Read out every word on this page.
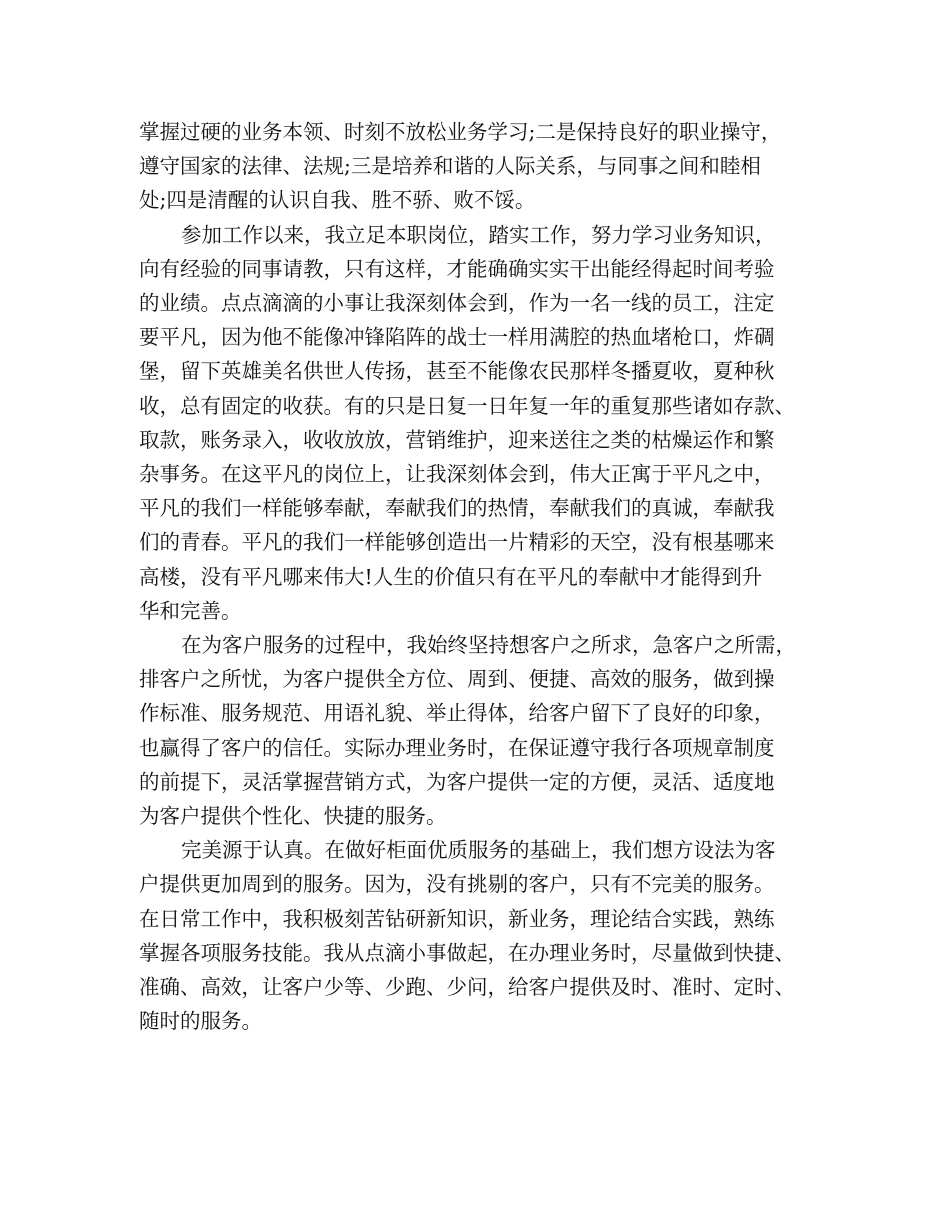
掌握过硬的业务本领、时刻不放松业务学习;二是保持良好的职业操守，
遵守国家的法律、法规;三是培养和谐的人际关系，与同事之间和睦相
处;四是清醒的认识自我、胜不骄、败不馁。
参加工作以来，我立足本职岗位，踏实工作，努力学习业务知识，
向有经验的同事请教，只有这样，才能确确实实干出能经得起时间考验
的业绩。点点滴滴的小事让我深刻体会到，作为一名一线的员工，注定
要平凡，因为他不能像冲锋陷阵的战士一样用满腔的热血堵枪口，炸碉
堡，留下英雄美名供世人传扬，甚至不能像农民那样冬播夏收，夏种秋
收，总有固定的收获。有的只是日复一日年复一年的重复那些诸如存款、
取款，账务录入，收收放放，营销维护，迎来送往之类的枯燥运作和繁
杂事务。在这平凡的岗位上，让我深刻体会到，伟大正寓于平凡之中，
平凡的我们一样能够奉献，奉献我们的热情，奉献我们的真诚，奉献我
们的青春。平凡的我们一样能够创造出一片精彩的天空，没有根基哪来
高楼，没有平凡哪来伟大!人生的价值只有在平凡的奉献中才能得到升
华和完善。
在为客户服务的过程中，我始终坚持想客户之所求，急客户之所需，
排客户之所忧，为客户提供全方位、周到、便捷、高效的服务，做到操
作标准、服务规范、用语礼貌、举止得体，给客户留下了良好的印象，
也赢得了客户的信任。实际办理业务时，在保证遵守我行各项规章制度
的前提下，灵活掌握营销方式，为客户提供一定的方便，灵活、适度地
为客户提供个性化、快捷的服务。
完美源于认真。在做好柜面优质服务的基础上，我们想方设法为客
户提供更加周到的服务。因为，没有挑剔的客户，只有不完美的服务。
在日常工作中，我积极刻苦钻研新知识，新业务，理论结合实践，熟练
掌握各项服务技能。我从点滴小事做起，在办理业务时，尽量做到快捷、
准确、高效，让客户少等、少跑、少问，给客户提供及时、准时、定时、
随时的服务。
